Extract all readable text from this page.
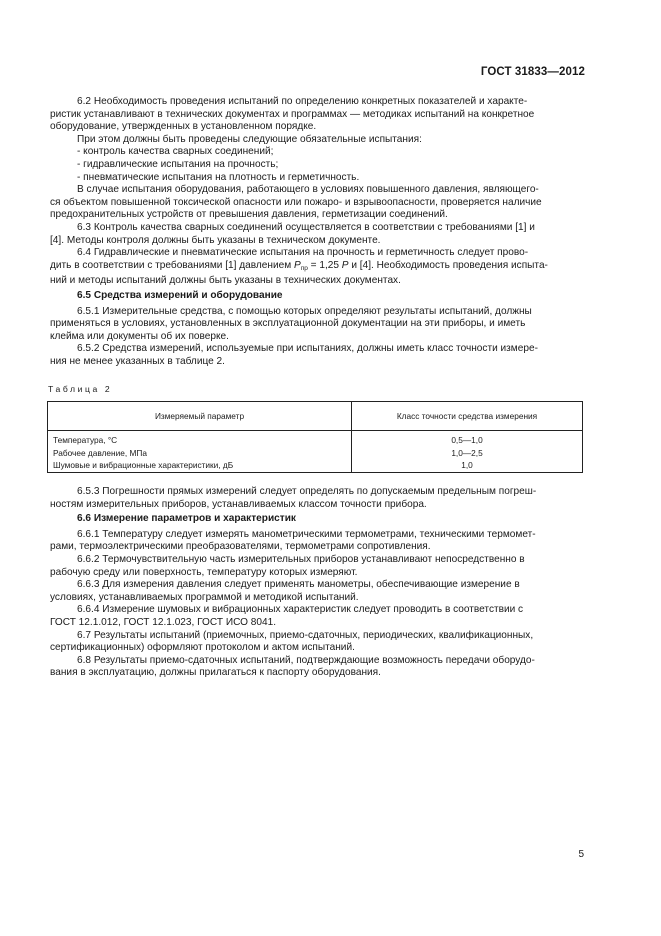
ГОСТ 31833—2012

6.2 Необходимость проведения испытаний по определению конкретных показателей и характе-

ристик устанавливают в технических документах и программах — методиках испытаний на конкретное

оборудование, утвержденных в установленном порядке.

При этом должны быть проведены следующие обязательные испытания:

- контроль качества сварных соединений;

- гидравлические испытания на прочность;

- пневматические испытания на плотность и герметичность.

В случае испытания оборудования, работающего в условиях повышенного давления, являющего-

ся объектом повышенной токсической опасности или пожаро- и взрывоопасности, проверяется наличие

предохранительных устройств от превышения давления, герметизации соединений.

6.3 Контроль качества сварных соединений осуществляется в соответствии с требованиями [1] и

[4]. Методы контроля должны быть указаны в техническом документе.

6.4 Гидравлические и пневматические испытания на прочность и герметичность следует прово-

дить в соответствии с требованиями [1] давлением $P_{пр} = 1,25$ P и [4]. Необходимость проведения испыта-

ний и методы испытаний должны быть указаны в технических документах.

6.5 Средства измерений и оборудование

6.5.1 Измерительные средства, с помощью которых определяют результаты испытаний, должны

применяться в условиях, установленных в эксплуатационной документации на эти приборы, и иметь

клейма или документы об их поверке.

6.5.2 Средства измерений, используемые при испытаниях, должны иметь класс точности измере-

ния не менее указанных в таблице 2.

Таблица 2
Измеряемый параметр	Класс точности средства измерения
Температура, °С	0,5—1,0
Рабочее давление, МПа	1,0—2,5
Шумовые и вибрационные характеристики, дБ	1,0

6.5.3 Погрешности прямых измерений следует определять по допускаемым предельным погреш-

ностям измерительных приборов, устанавливаемых классом точности прибора.

6.6 Измерение параметров и характеристик

6.6.1 Температуру следует измерять манометрическими термометрами, техническими термомет-

рами, термоэлектрическими преобразователями, термометрами сопротивления.

6.6.2 Термочувствительную часть измерительных приборов устанавливают непосредственно в

рабочую среду или поверхность, температуру которых измеряют.

6.6.3 Для измерения давления следует применять манометры, обеспечивающие измерение в

условиях, устанавливаемых программой и методикой испытаний.

6.6.4 Измерение шумовых и вибрационных характеристик следует проводить в соответствии с

ГОСТ 12.1.012, ГОСТ 12.1.023, ГОСТ ИСО 8041.

6.7 Результаты испытаний (приемочных, приемо-сдаточных, периодических, квалификационных,

сертификационных) оформляют протоколом и актом испытаний.

6.8 Результаты приемо-сдаточных испытаний, подтверждающие возможность передачи оборудо-

вания в эксплуатацию, должны прилагаться к паспорту оборудования.

5
